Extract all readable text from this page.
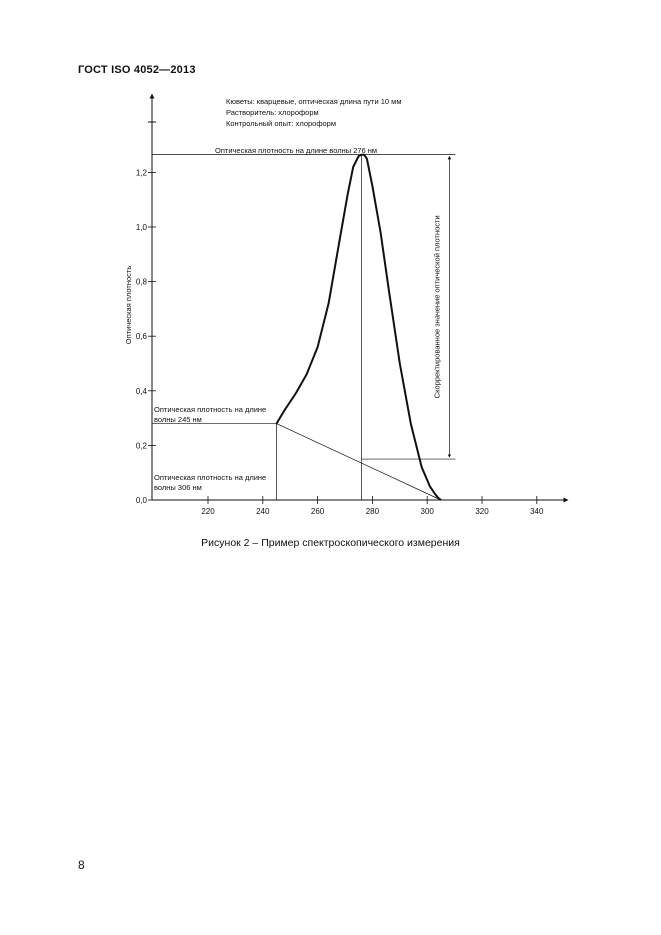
ГОСТ ISO 4052—2013
Кюветы: кварцевые, оптическая длина пути 10 мм
Растворитель: хлороформ
Контрольный опыт: хлороформ
Оптическая плотность
220	240	260	280	300	320	340
0,0
0,2
0,4
0,6
0,8
1,0
1,2
Оптическая плотность на длине волны 276 нм
Оптическая плотность на длине
волны 245 нм
Оптическая плотность на длине
волны 306 нм
Скорректированное значение оптической плотности
Рисунок 2 – Пример спектроскопического измерения
8
